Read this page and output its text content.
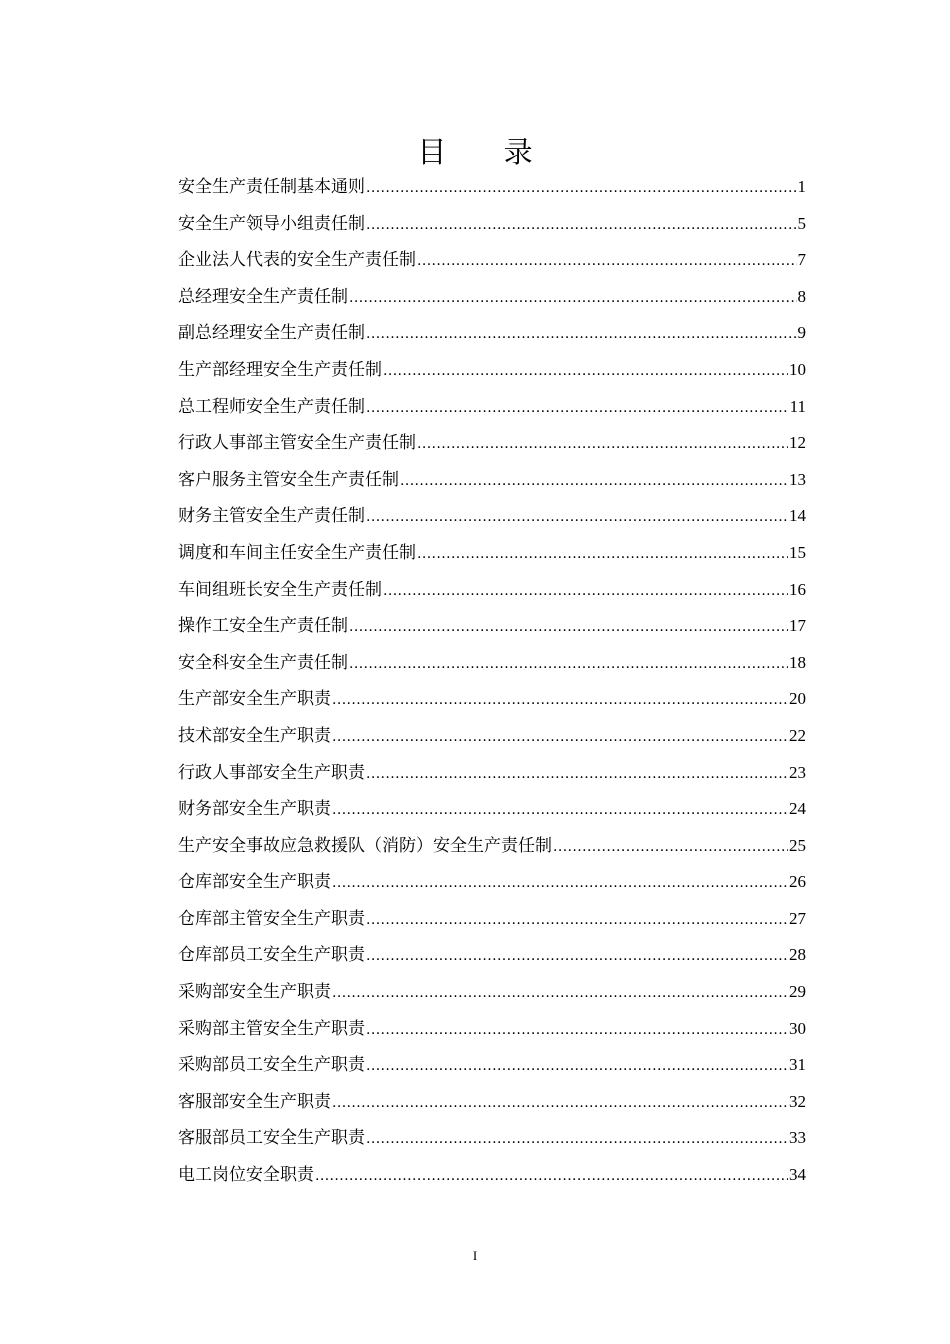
目 录
安全生产责任制基本通则 .....	1
安全生产领导小组责任制 .....	5
企业法人代表的安全生产责任制 .....	7
总经理安全生产责任制 .....	8
副总经理安全生产责任制 .....	9
生产部经理安全生产责任制 .....	10
总工程师安全生产责任制 .....	11
行政人事部主管安全生产责任制 .....	12
客户服务主管安全生产责任制 .....	13
财务主管安全生产责任制 .....	14
调度和车间主任安全生产责任制 .....	15
车间组班长安全生产责任制 .....	16
操作工安全生产责任制 .....	17
安全科安全生产责任制 .....	18
生产部安全生产职责 .....	20
技术部安全生产职责 .....	22
行政人事部安全生产职责 .....	23
财务部安全生产职责 .....	24
生产安全事故应急救援队（消防）安全生产责任制 .....	25
仓库部安全生产职责 .....	26
仓库部主管安全生产职责 .....	27
仓库部员工安全生产职责 .....	28
采购部安全生产职责 .....	29
采购部主管安全生产职责 .....	30
采购部员工安全生产职责 .....	31
客服部安全生产职责 .....	32
客服部员工安全生产职责 .....	33
电工岗位安全职责 .....	34
I
